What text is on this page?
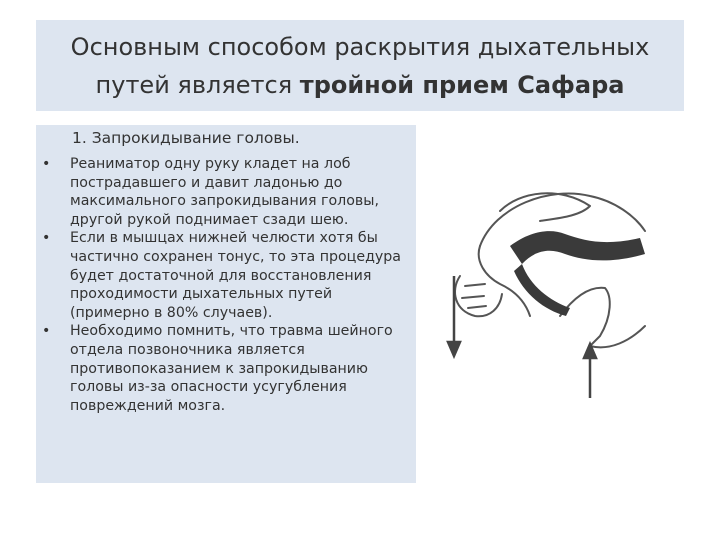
Основным способом раскрытия дыхательных
путей является тройной прием Сафара
1. Запрокидывание головы.
• Реаниматор одну руку кладет на лоб пострадавшего и давит ладонью до максимального запрокидывания головы, другой рукой поднимает сзади шею.
• Если в мышцах нижней челюсти хотя бы частично сохранен тонус, то эта процедура будет достаточной для восстановления проходимости дыхательных путей (примерно в 80% случаев).
• Необходимо помнить, что травма шейного отдела позвоночника является противопоказанием к запрокидыванию головы из-за опасности усугубления повреждений мозга.
